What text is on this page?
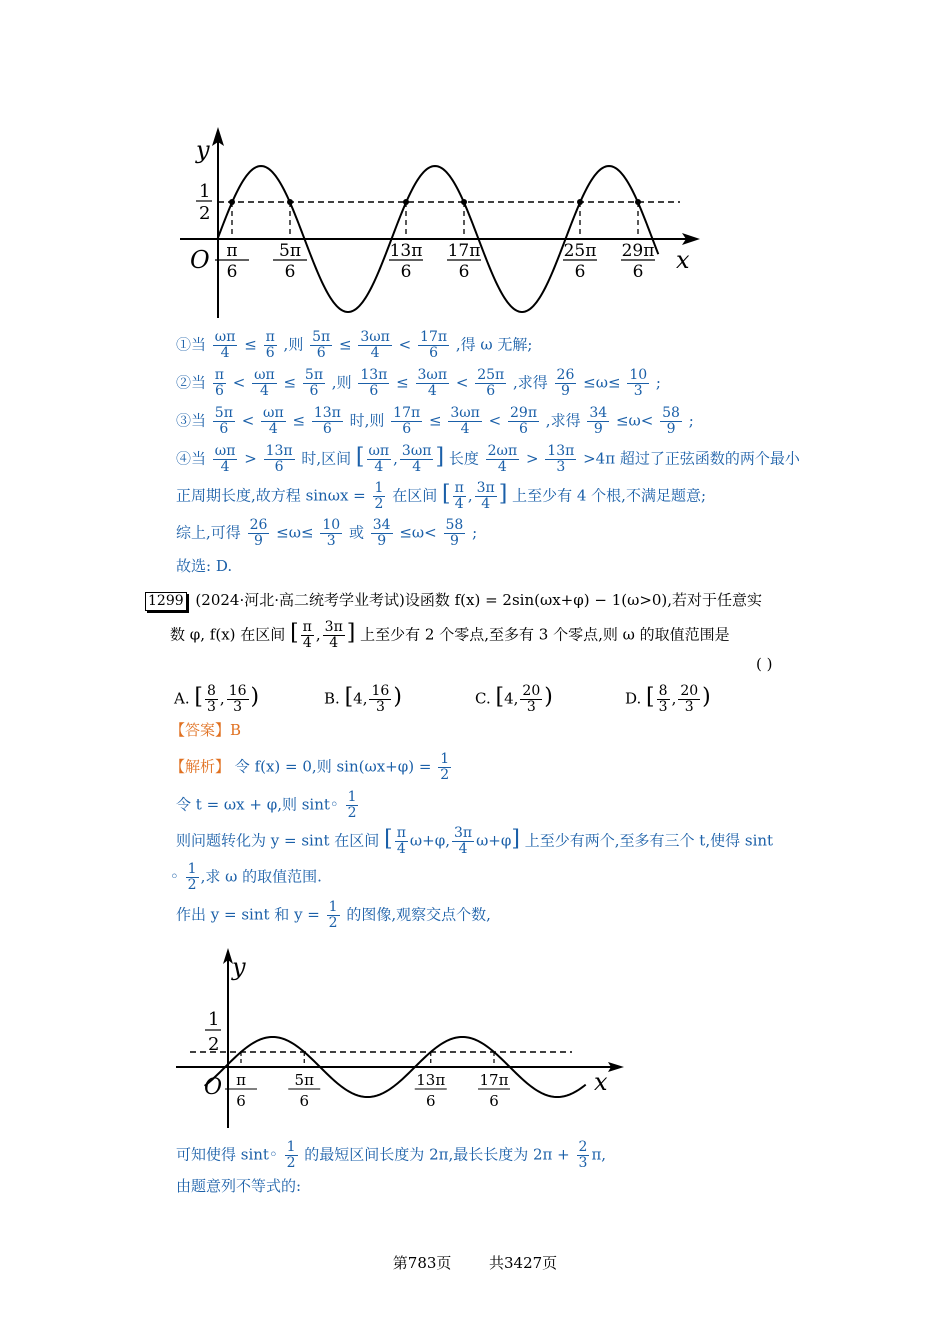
y
x
O
1
2
π
6
5π
6
13π
6
17π
6
25π
6
29π
6
①当 $\frac{\omega\pi}{4} \le \frac{\pi}{6}$ ,则 $\frac{5\pi}{6} \le \frac{3\omega\pi}{4} < \frac{17\pi}{6}$ ,得 ω 无解;
②当 $\frac{\pi}{6} < \frac{\omega\pi}{4} \le \frac{5\pi}{6}$ ,则 $\frac{13\pi}{6} \le \frac{3\omega\pi}{4} < \frac{25\pi}{6}$ ,求得 $\frac{26}{9} \le\omega\le \frac{10}{3}$ ;
③当 $\frac{5\pi}{6} < \frac{\omega\pi}{4} \le \frac{13\pi}{6}$ 时,则 $\frac{17\pi}{6} \le \frac{3\omega\pi}{4} < \frac{29\pi}{6}$ ,求得 $\frac{34}{9} \le\omega< \frac{58}{9}$ ;
④当 $\frac{\omega\pi}{4} > \frac{13\pi}{6}$ 时,区间 [ $\frac{\omega\pi}{4}$ , $\frac{3\omega\pi}{4}$ ] 长度 $\frac{2\omega\pi}{4} > \frac{13\pi}{3} >4\pi$ 超过了正弦函数的两个最小
正周期长度,故方程 $\sin\omega x = \frac{1}{2}$ 在区间 [ $\frac{\pi}{4}$ , $\frac{3\pi}{4}$ ] 上至少有 4 个根,不满足题意;
综上,可得 $\frac{26}{9} \le\omega\le \frac{10}{3}$ 或 $\frac{34}{9} \le\omega< \frac{58}{9}$ ;
故选: D.
1299 (2024·河北·高二统考学业考试)设函数 f(x) = 2sin(ωx+φ) − 1(ω>0),若对于任意实
数 φ, f(x) 在区间 [ $\frac{\pi}{4}$ , $\frac{3\pi}{4}$ ] 上至少有 2 个零点,至多有 3 个零点,则 ω 的取值范围是
( )
A. [ $\frac{8}{3}$ , $\frac{16}{3}$ )	B. [4, $\frac{16}{3}$ )	C. [4, $\frac{20}{3}$ )	D. [ $\frac{8}{3}$ , $\frac{20}{3}$ )
【答案】B
【解析】 令 f(x) = 0,则 $\sin(\omega x+\varphi) = \frac{1}{2}$
令 t = ωx + φ,则 sint◦ $\frac{1}{2}$
则问题转化为 y = sint 在区间 [ $\frac{\pi}{4} \omega+\varphi$, $\frac{3\pi}{4} \omega+\varphi$] 上至少有两个,至多有三个 t,使得 sint
◦ $\frac{1}{2}$ ,求 ω 的取值范围.
作出 y = sint 和 $y = \frac{1}{2}$ 的图像,观察交点个数,
y
x
O
1
2
π
6
5π
6
13π
6
17π
6
可知使得 sint◦ $\frac{1}{2}$ 的最短区间长度为 2π,最长长度为 $2\pi + \frac{2}{3} \pi$,
由题意列不等式的:
第783页	共3427页
